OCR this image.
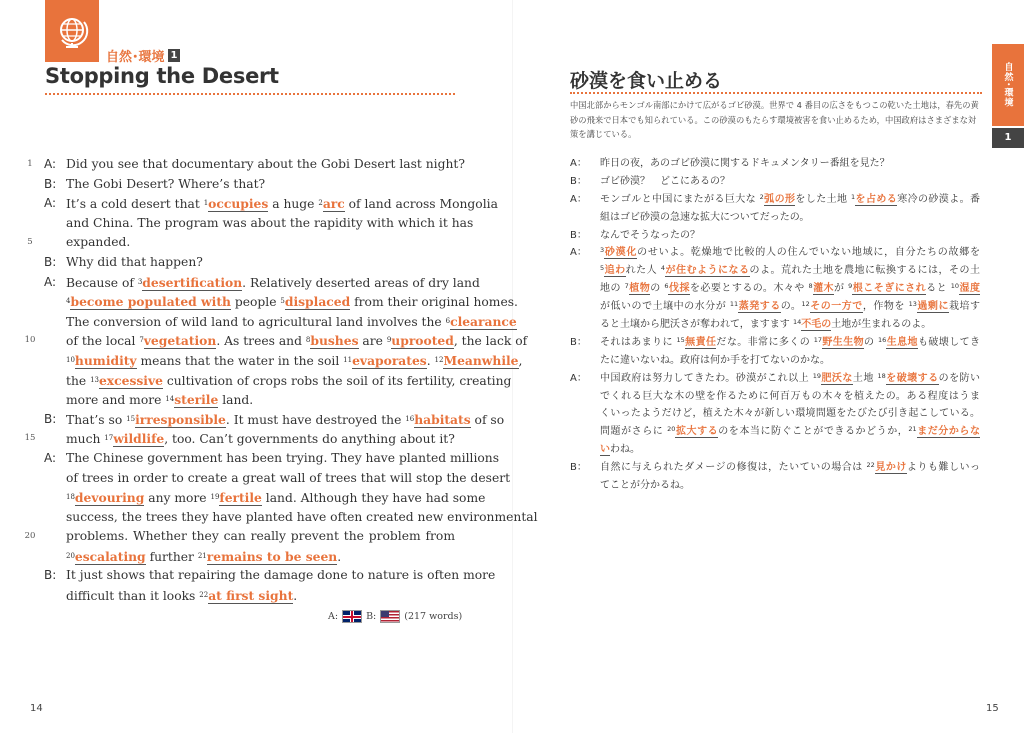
自然･環境 1
Stopping the Desert
1 A: Did you see that documentary about the Gobi Desert last night?
B: The Gobi Desert? Where’s that?
A: It’s a cold desert that $^1$occupies a huge $^2$arc of land across Mongolia
and China. The program was about the rapidity with which it has
5	expanded.
B: Why did that happen?
A: Because of $^3$desertification. Relatively deserted areas of dry land
$^4$become populated with people $^5$displaced from their original homes.
The conversion of wild land to agricultural land involves the $^6$clearance
10 of the local $^7$vegetation. As trees and $^8$bushes are $^9$uprooted, the lack of
$^{10}$humidity means that the water in the soil $^{11}$evaporates. $^{12}$Meanwhile,
the $^{13}$excessive cultivation of crops robs the soil of its fertility, creating
more and more $^{14}$sterile land.
B: That’s so $^{15}$irresponsible. It must have destroyed the $^{16}$habitats of so
15 much $^{17}$wildlife, too. Can’t governments do anything about it?
A: The Chinese government has been trying. They have planted millions
of trees in order to create a great wall of trees that will stop the desert
$^{18}$devouring any more $^{19}$fertile land. Although they have had some
success, the trees they have planted have often created new environmental
20 problems. Whether they can really prevent the problem from
$^{20}$escalating further $^{21}$remains to be seen.
B: It just shows that repairing the damage done to nature is often more
difficult than it looks $^{22}$at first sight.
A:	B:	(217 words)
14
砂漠を食い止める
中国北部からモンゴル南部にかけて広がるゴビ砂漠。世界で 4 番目の広さをもつこの乾いた土地は，春先の黄砂の飛来で日本でも知られている。この砂漠のもたらす環境被害を食い止めるため，中国政府はさまざまな対策を講じている。
A： 昨日の夜，あのゴビ砂漠に関するドキュメンタリー番組を見た？
B： ゴビ砂漠？　どこにあるの？
A： モンゴルと中国にまたがる巨大な $^2$弧の形をした土地 $^1$を占める寒冷の砂漠よ。番
組はゴビ砂漠の急速な拡大についてだったの。
B： なんでそうなったの？
A： $^3$砂漠化のせいよ。乾燥地で比較的人の住んでいない地域に，自分たちの故郷を
$^5$追われた人 $^4$が住むようになるのよ。荒れた土地を農地に転換するには，その土
地の $^7$植物の $^6$伐採を必要とするの。木々や $^8$灌木が $^9$根こそぎにされると $^{10}$湿度
が低いので土壌中の水分が $^{11}$蒸発するの。$^{12}$その一方で，作物を $^{13}$過剰に栽培す
ると土壌から肥沃さが奪われて，ますます $^{14}$不毛の土地が生まれるのよ。
B： それはあまりに $^{15}$無責任だな。非常に多くの $^{17}$野生生物の $^{16}$生息地も破壊してき
たに違いないね。政府は何か手を打てないのかな。
A： 中国政府は努力してきたわ。砂漠がこれ以上 $^{19}$肥沃な土地 $^{18}$を破壊するのを防い
でくれる巨大な木の壁を作るために何百万もの木々を植えたの。ある程度はうま
くいったようだけど，植えた木々が新しい環境問題をたびたび引き起こしている。
問題がさらに $^{20}$拡大するのを本当に防ぐことができるかどうか，$^{21}$まだ分からな
いわね。
B： 自然に与えられたダメージの修復は，たいていの場合は $^{22}$見かけよりも難しいっ
てことが分かるね。
自然･環境
1
15
